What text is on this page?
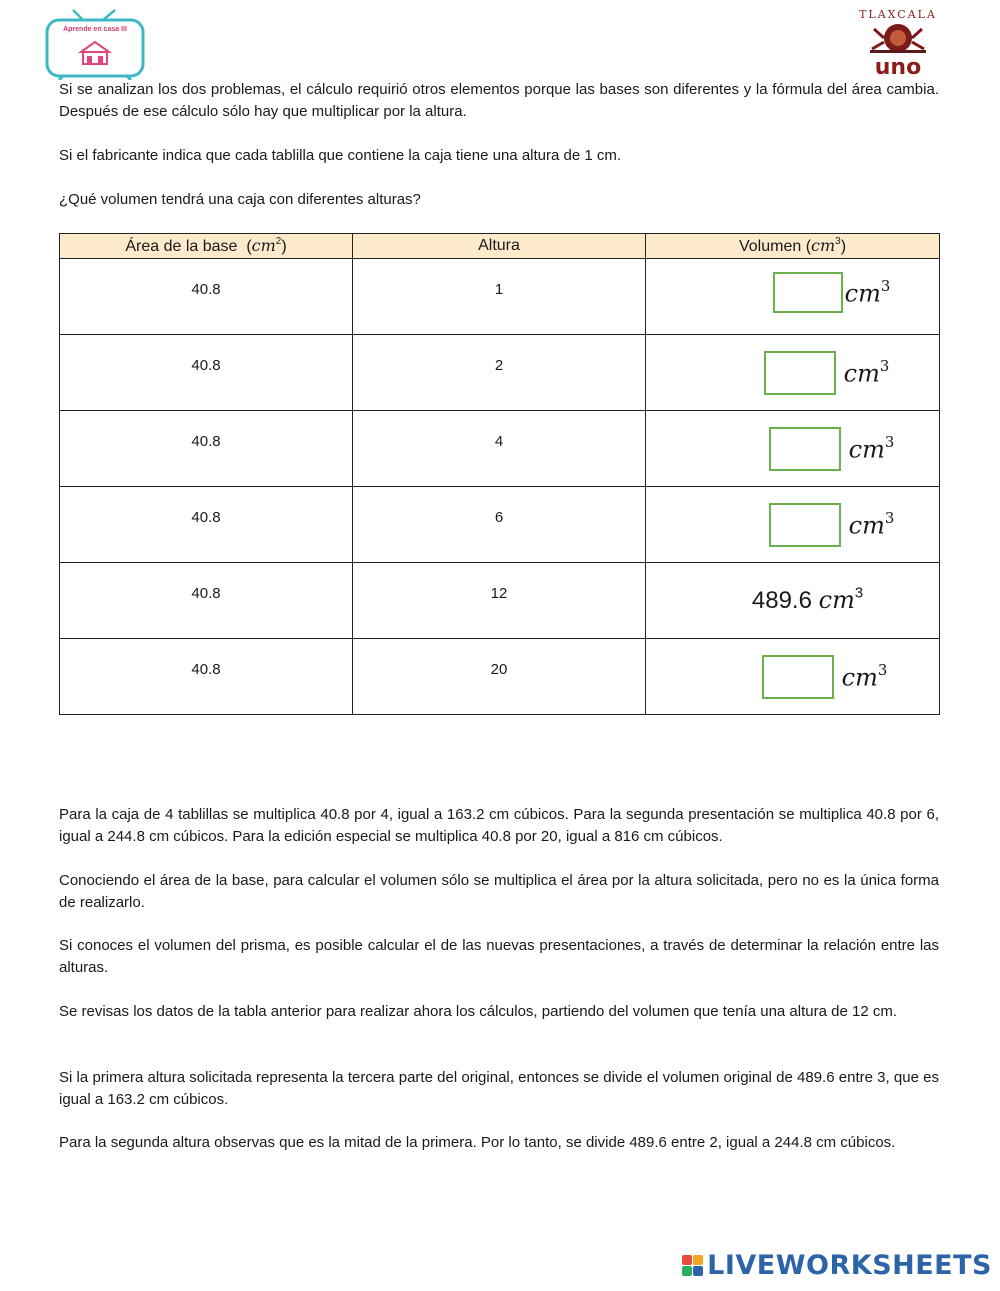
Aprende en casa III
TLAXCALA
uno
Si se analizan los dos problemas, el cálculo requirió otros elementos porque las bases son diferentes y la fórmula del área cambia. Después de ese cálculo sólo hay que multiplicar por la altura.
Si el fabricante indica que cada tablilla que contiene la caja tiene una altura de 1 cm.
¿Qué volumen tendrá una caja con diferentes alturas?
Área de la base  $(cm^2)$	Altura	Volumen $(cm^3)$

40.8	1	$cm^3$

40.8	2	$cm^3$

40.8	4	$cm^3$

40.8	6	$cm^3$

40.8	12	489.6 $cm^3$

40.8	20	$cm^3$
Para la caja de 4 tablillas se multiplica 40.8 por 4, igual a 163.2 cm cúbicos. Para la segunda presentación se multiplica 40.8 por 6, igual a 244.8 cm cúbicos. Para la edición especial se multiplica 40.8 por 20, igual a 816 cm cúbicos.
Conociendo el área de la base, para calcular el volumen sólo se multiplica el área por la altura solicitada, pero no es la única forma de realizarlo.
Si conoces el volumen del prisma, es posible calcular el de las nuevas presentaciones, a través de determinar la relación entre las alturas.
Se revisas los datos de la tabla anterior para realizar ahora los cálculos, partiendo del volumen que tenía una altura de 12 cm.
Si la primera altura solicitada representa la tercera parte del original, entonces se divide el volumen original de 489.6 entre 3, que es igual a 163.2 cm cúbicos.
Para la segunda altura observas que es la mitad de la primera. Por lo tanto, se divide 489.6 entre 2, igual a 244.8 cm cúbicos.
LIVEWORKSHEETS
